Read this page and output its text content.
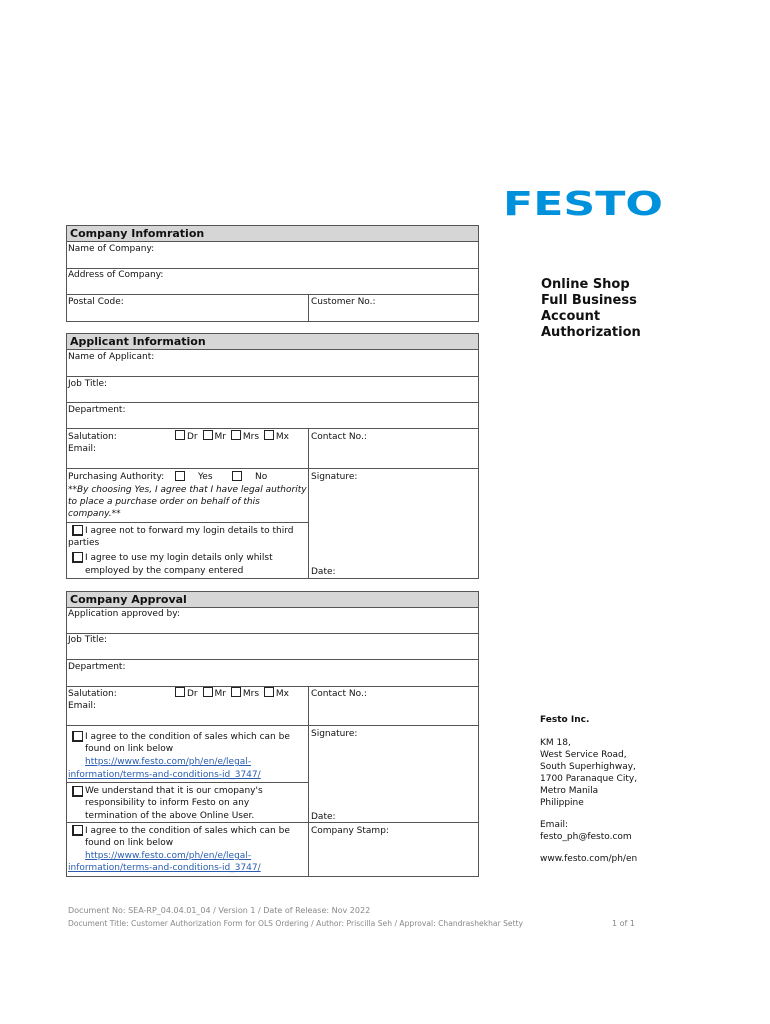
FESTO
Online Shop
Full Business
Account
Authorization
Company Infomration
Name of Company:
Address of Company:
Postal Code:	Customer No.:
Applicant Information
Name of Applicant:
Job Title:
Department:
Salutation:	Dr Mr Mrs Mx Contact No.:
Email:
Purchasing Authority:	Yes	No	Signature:
**By choosing Yes, I agree that I have legal authority
to place a purchase order on behalf of this
company.**
I agree not to forward my login details to third
parties
I agree to use my login details only whilst
employed by the company entered	Date:
Company Approval
Application approved by:
Job Title:
Department:
Salutation:	Dr Mr Mrs Mx Contact No.:
Email:
I agree to the condition of sales which can be
found on link below
https://www.festo.com/ph/en/e/legal-
information/terms-and-conditions-id_3747/
Signature:
We understand that it is our cmopany's
responsibility to inform Festo on any
termination of the above Online User.	Date:
I agree to the condition of sales which can be
found on link below
https://www.festo.com/ph/en/e/legal-
information/terms-and-conditions-id_3747/
Company Stamp:
Festo Inc.
KM 18,
West Service Road,
South Superhighway,
1700 Paranaque City,
Metro Manila
Philippine
Email:
festo_ph@festo.com
www.festo.com/ph/en
Document No: SEA-RP_04.04.01_04 / Version 1 / Date of Release: Nov 2022
Document Title: Customer Authorization Form for OLS Ordering / Author: Priscilla Seh / Approval: Chandrashekhar Setty	1 of 1
